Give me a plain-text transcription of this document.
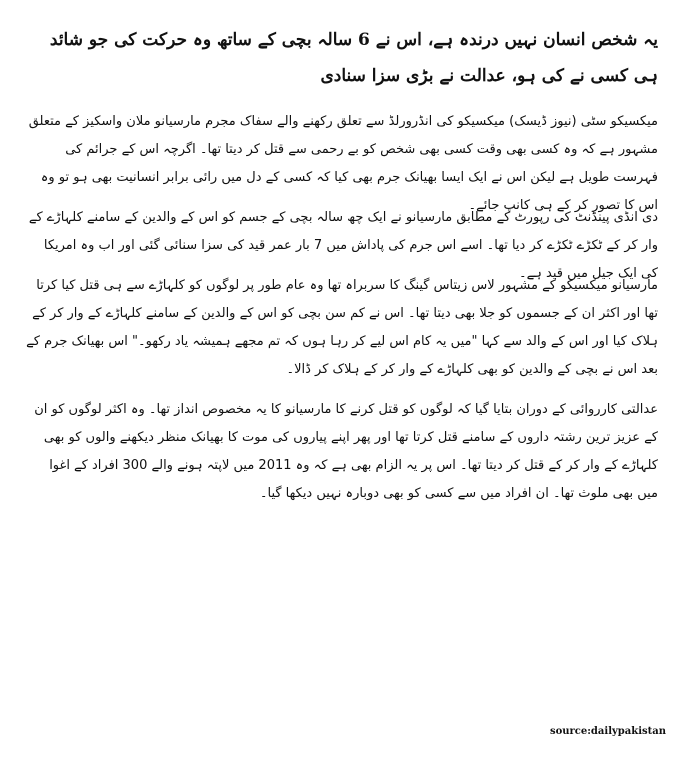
یہ شخص انسان نہیں درندہ ہے، اس نے 6 سالہ بچی کے ساتھ وہ حرکت کی جو شائد ہی کسی نے کی ہو، عدالت نے بڑی سزا سنادی

میکسیکو سٹی (نیوز ڈیسک) میکسیکو کی انڈرورلڈ سے تعلق رکھنے والے سفاک مجرم مارسیانو ملان واسکیز کے متعلق مشہور ہے کہ وہ کسی بھی وقت کسی بھی شخص کو بے رحمی سے قتل کر دیتا تھا۔ اگرچہ اس کے جرائم کی فہرست طویل ہے لیکن اس نے ایک ایسا بھیانک جرم بھی کیا کہ کسی کے دل میں رائی برابر انسانیت بھی ہو تو وہ اس کا تصور کر کے ہی کانپ جائے۔

دی انڈی پینڈنٹ کی رپورٹ کے مطابق مارسیانو نے ایک چھ سالہ بچی کے جسم کو اس کے والدین کے سامنے کلہاڑے کے وار کر کے ٹکڑے ٹکڑے کر دیا تھا۔ اسے اس جرم کی پاداش میں 7 بار عمر قید کی سزا سنائی گئی اور اب وہ امریکا کی ایک جیل میں قید ہے۔

مارسیانو میکسیکو کے مشہور لاس زیتاس گینگ کا سربراہ تھا وہ عام طور پر لوگوں کو کلہاڑے سے ہی قتل کیا کرتا تھا اور اکثر ان کے جسموں کو جلا بھی دیتا تھا۔ اس نے کم سن بچی کو اس کے والدین کے سامنے کلہاڑے کے وار کر کے ہلاک کیا اور اس کے والد سے کہا "میں یہ کام اس لیے کر رہا ہوں کہ تم مجھے ہمیشہ یاد رکھو۔" اس بھیانک جرم کے بعد اس نے بچی کے والدین کو بھی کلہاڑے کے وار کر کے ہلاک کر ڈالا۔

عدالتی کارروائی کے دوران بتایا گیا کہ لوگوں کو قتل کرنے کا مارسیانو کا یہ مخصوص انداز تھا۔ وہ اکثر لوگوں کو ان کے عزیز ترین رشتہ داروں کے سامنے قتل کرتا تھا اور پھر اپنے پیاروں کی موت کا بھیانک منظر دیکھنے والوں کو بھی کلہاڑے کے وار کر کے قتل کر دیتا تھا۔ اس پر یہ الزام بھی ہے کہ وہ 2011 میں لاپتہ ہونے والے 300 افراد کے اغوا میں بھی ملوث تھا۔ ان افراد میں سے کسی کو بھی دوبارہ نہیں دیکھا گیا۔

source:dailypakistan
